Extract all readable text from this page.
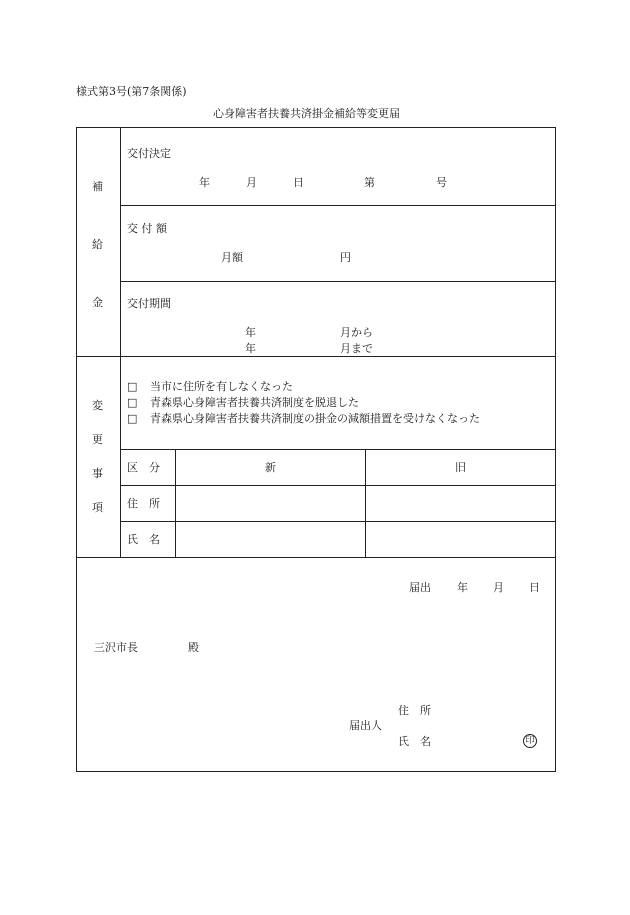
様式第3号(第7条関係)
心身障害者扶養共済掛金補給等変更届
補
給
金
交付決定
年	月	日	第	号
交 付 額
月額	円
交付期間
年	月から
年	月まで
変
更
事
項
□ 当市に住所を有しなくなった
□ 青森県心身障害者扶養共済制度を脱退した
□ 青森県心身障害者扶養共済制度の掛金の減額措置を受けなくなった
区　分	新	旧
住　所
氏　名
届出 年 月 日
三沢市長	殿
住　所
届出人
氏　名	印
